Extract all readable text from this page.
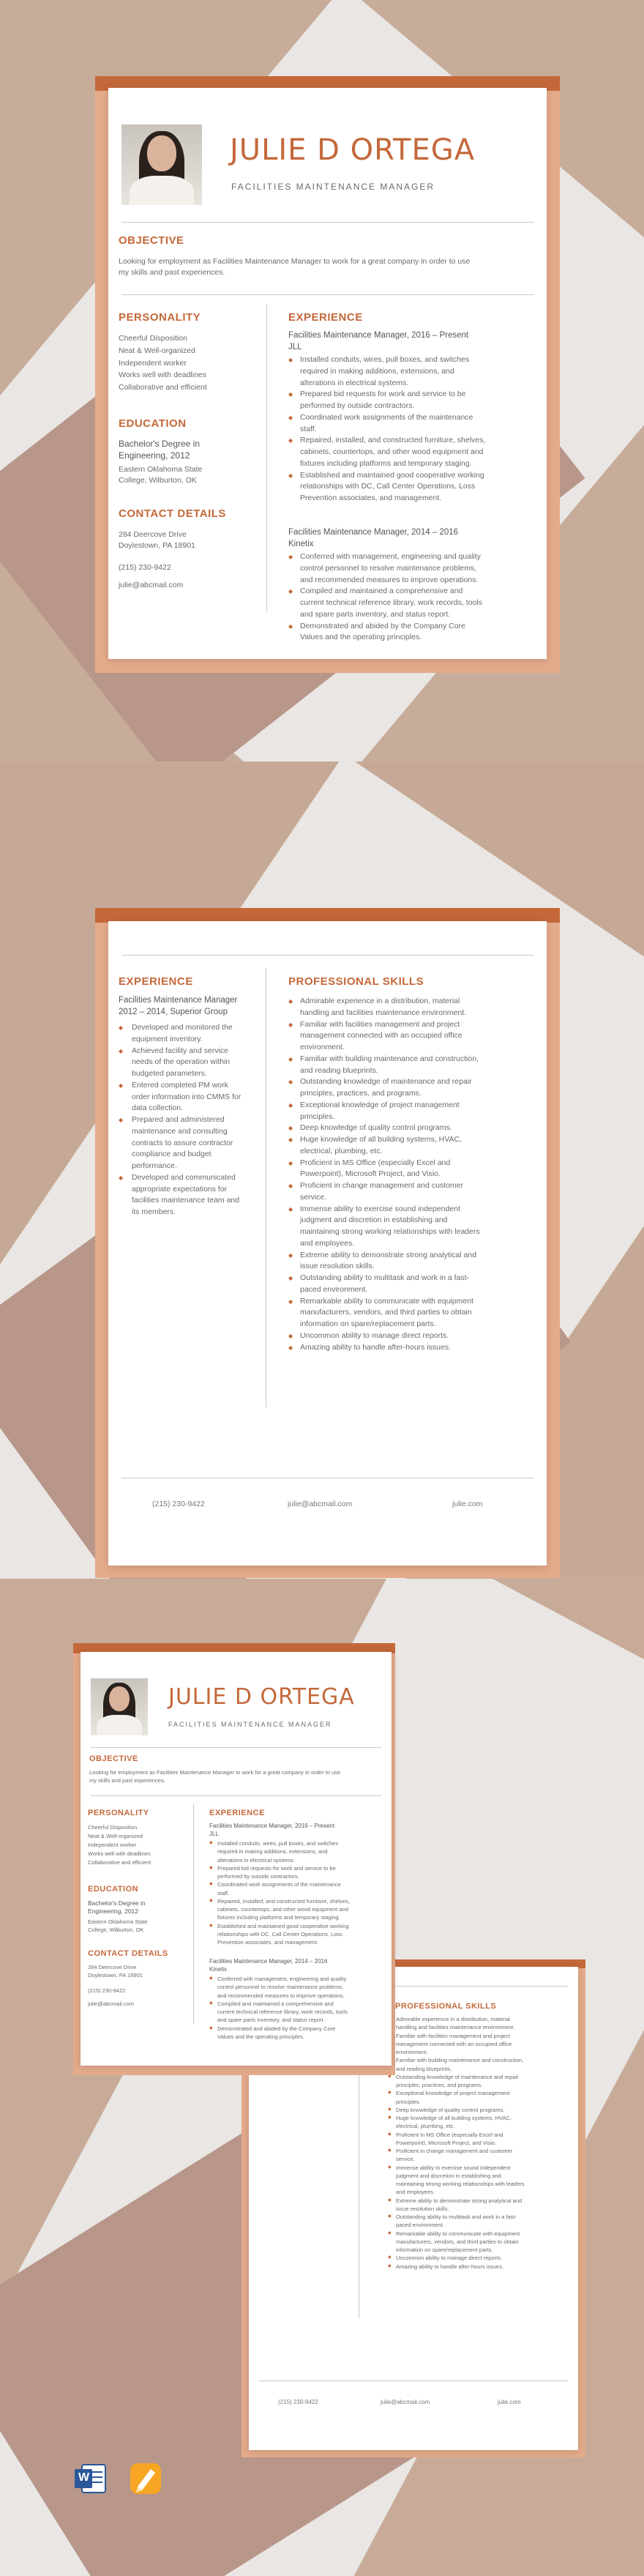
JULIE D ORTEGA
FACILITIES MAINTENANCE MANAGER
OBJECTIVE
Looking for employment as Facilities Maintenance Manager to work for a great company in order to use
my skills and past experiences.
PERSONALITY
Cheerful Disposition
Neat & Well-organized
Independent worker
Works well with deadlines
Collaborative and efficient
EDUCATION
Bachelor's Degree in
Engineering, 2012
Eastern Oklahoma State
College, Wilburton, OK
CONTACT DETAILS
284 Deercove Drive
Doylestown, PA 18901
(215) 230-9422
julie@abcmail.com
EXPERIENCE
Facilities Maintenance Manager, 2016 – Present
JLL
◆ Installed conduits, wires, pull boxes, and switches
required in making additions, extensions, and
alterations in electrical systems.
◆ Prepared bid requests for work and service to be
performed by outside contractors.
◆ Coordinated work assignments of the maintenance
staff.
◆ Repaired, installed, and constructed furniture, shelves,
cabinets, countertops, and other wood equipment and
fixtures including platforms and temporary staging.
◆ Established and maintained good cooperative working
relationships with DC, Call Center Operations, Loss
Prevention associates, and management.
Facilities Maintenance Manager, 2014 – 2016
Kinetix
◆ Conferred with management, engineering and quality
control personnel to resolve maintenance problems,
and recommended measures to improve operations.
◆ Compiled and maintained a comprehensive and
current technical reference library, work records, tools
and spare parts inventory, and status report.
◆ Demonstrated and abided by the Company Core
Values and the operating principles.
EXPERIENCE
Facilities Maintenance Manager
2012 – 2014, Superior Group
◆ Developed and monitored the
equipment inventory.
◆ Achieved facility and service
needs of the operation within
budgeted parameters.
◆ Entered completed PM work
order information into CMMS for
data collection.
◆ Prepared and administered
maintenance and consulting
contracts to assure contractor
compliance and budget
performance.
◆ Developed and communicated
appropriate expectations for
facilities maintenance team and
its members.
PROFESSIONAL SKILLS
◆ Admirable experience in a distribution, material
handling and facilities maintenance environment.
◆ Familiar with facilities management and project
management connected with an occupied office
environment.
◆ Familiar with building maintenance and construction,
and reading blueprints.
◆ Outstanding knowledge of maintenance and repair
principles, practices, and programs.
◆ Exceptional knowledge of project management
principles.
◆ Deep knowledge of quality control programs.
◆ Huge knowledge of all building systems, HVAC,
electrical, plumbing, etc.
◆ Proficient in MS Office (especially Excel and
Powerpoint), Microsoft Project, and Visio.
◆ Proficient in change management and customer
service.
◆ Immense ability to exercise sound independent
judgment and discretion in establishing and
maintaining strong working relationships with leaders
and employees.
◆ Extreme ability to demonstrate strong analytical and
issue resolution skills.
◆ Outstanding ability to multitask and work in a fast-
paced environment.
◆ Remarkable ability to communicate with equipment
manufacturers, vendors, and third parties to obtain
information on spare/replacement parts.
◆ Uncommon ability to manage direct reports.
◆ Amazing ability to handle after-hours issues.
(215) 230-9422	julie@abcmail.com	julie.com
PROFESSIONAL SKILLS
◆ Admirable experience in a distribution, material
handling and facilities maintenance environment.
◆ Familiar with facilities management and project
management connected with an occupied office
environment.
◆ Familiar with building maintenance and construction,
and reading blueprints.
◆ Outstanding knowledge of maintenance and repair
principles, practices, and programs.
◆ Exceptional knowledge of project management
principles.
◆ Deep knowledge of quality control programs.
◆ Huge knowledge of all building systems, HVAC,
electrical, plumbing, etc.
◆ Proficient in MS Office (especially Excel and
Powerpoint), Microsoft Project, and Visio.
◆ Proficient in change management and customer
service.
◆ Immense ability to exercise sound independent
judgment and discretion in establishing and
maintaining strong working relationships with leaders
and employees.
◆ Extreme ability to demonstrate strong analytical and
issue resolution skills.
◆ Outstanding ability to multitask and work in a fast-
paced environment.
◆ Remarkable ability to communicate with equipment
manufacturers, vendors, and third parties to obtain
information on spare/replacement parts.
◆ Uncommon ability to manage direct reports.
◆ Amazing ability to handle after-hours issues.
(215) 230-9422	julie@abcmail.com	julie.com
JULIE D ORTEGA
FACILITIES MAINTENANCE MANAGER
OBJECTIVE
Looking for employment as Facilities Maintenance Manager to work for a great company in order to use
my skills and past experiences.
PERSONALITY
Cheerful Disposition
Neat & Well-organized
Independent worker
Works well with deadlines
Collaborative and efficient
EDUCATION
Bachelor's Degree in
Engineering, 2012
Eastern Oklahoma State
College, Wilburton, OK
CONTACT DETAILS
284 Deercove Drive
Doylestown, PA 18901
(215) 230-9422
julie@abcmail.com
EXPERIENCE
Facilities Maintenance Manager, 2016 – Present
JLL
◆ Installed conduits, wires, pull boxes, and switches
required in making additions, extensions, and
alterations in electrical systems.
◆ Prepared bid requests for work and service to be
performed by outside contractors.
◆ Coordinated work assignments of the maintenance
staff.
◆ Repaired, installed, and constructed furniture, shelves,
cabinets, countertops, and other wood equipment and
fixtures including platforms and temporary staging.
◆ Established and maintained good cooperative working
relationships with DC, Call Center Operations, Loss
Prevention associates, and management.
Facilities Maintenance Manager, 2014 – 2016
Kinetix
◆ Conferred with management, engineering and quality
control personnel to resolve maintenance problems,
and recommended measures to improve operations.
◆ Compiled and maintained a comprehensive and
current technical reference library, work records, tools
and spare parts inventory, and status report.
◆ Demonstrated and abided by the Company Core
Values and the operating principles.
W
